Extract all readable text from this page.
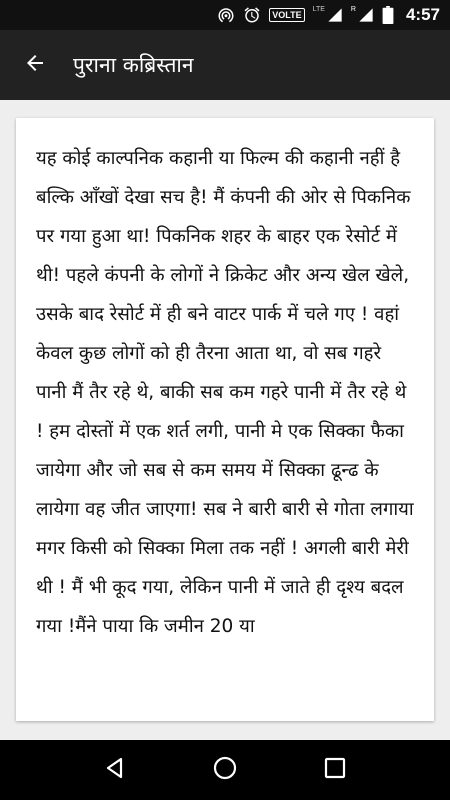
VOLTE
LTE	R	4:57
पुराना कब्रिस्तान

यह कोई काल्पनिक कहानी या फिल्म की कहानी नहीं है बल्कि आँखों देखा सच है! मैं कंपनी की ओर से पिकनिक पर गया हुआ था! पिकनिक शहर के बाहर एक रेसोर्ट में थी! पहले कंपनी के लोगों ने क्रिकेट और अन्य खेल खेले, उसके बाद रेसोर्ट में ही बने वाटर पार्क में चले गए ! वहां केवल कुछ लोगों को ही तैरना आता था, वो सब गहरे पानी मैं तैर रहे थे, बाकी सब कम गहरे पानी में तैर रहे थे ! हम दोस्तों में एक शर्त लगी, पानी मे एक सिक्का फैका जायेगा और जो सब से कम समय में सिक्का ढून्ढ के लायेगा वह जीत जाएगा! सब ने बारी बारी से गोता लगाया मगर किसी को सिक्का मिला तक नहीं ! अगली बारी मेरी थी ! मैं भी कूद गया, लेकिन पानी में जाते ही दृश्य बदल गया !मैंने पाया कि जमीन 20 या
